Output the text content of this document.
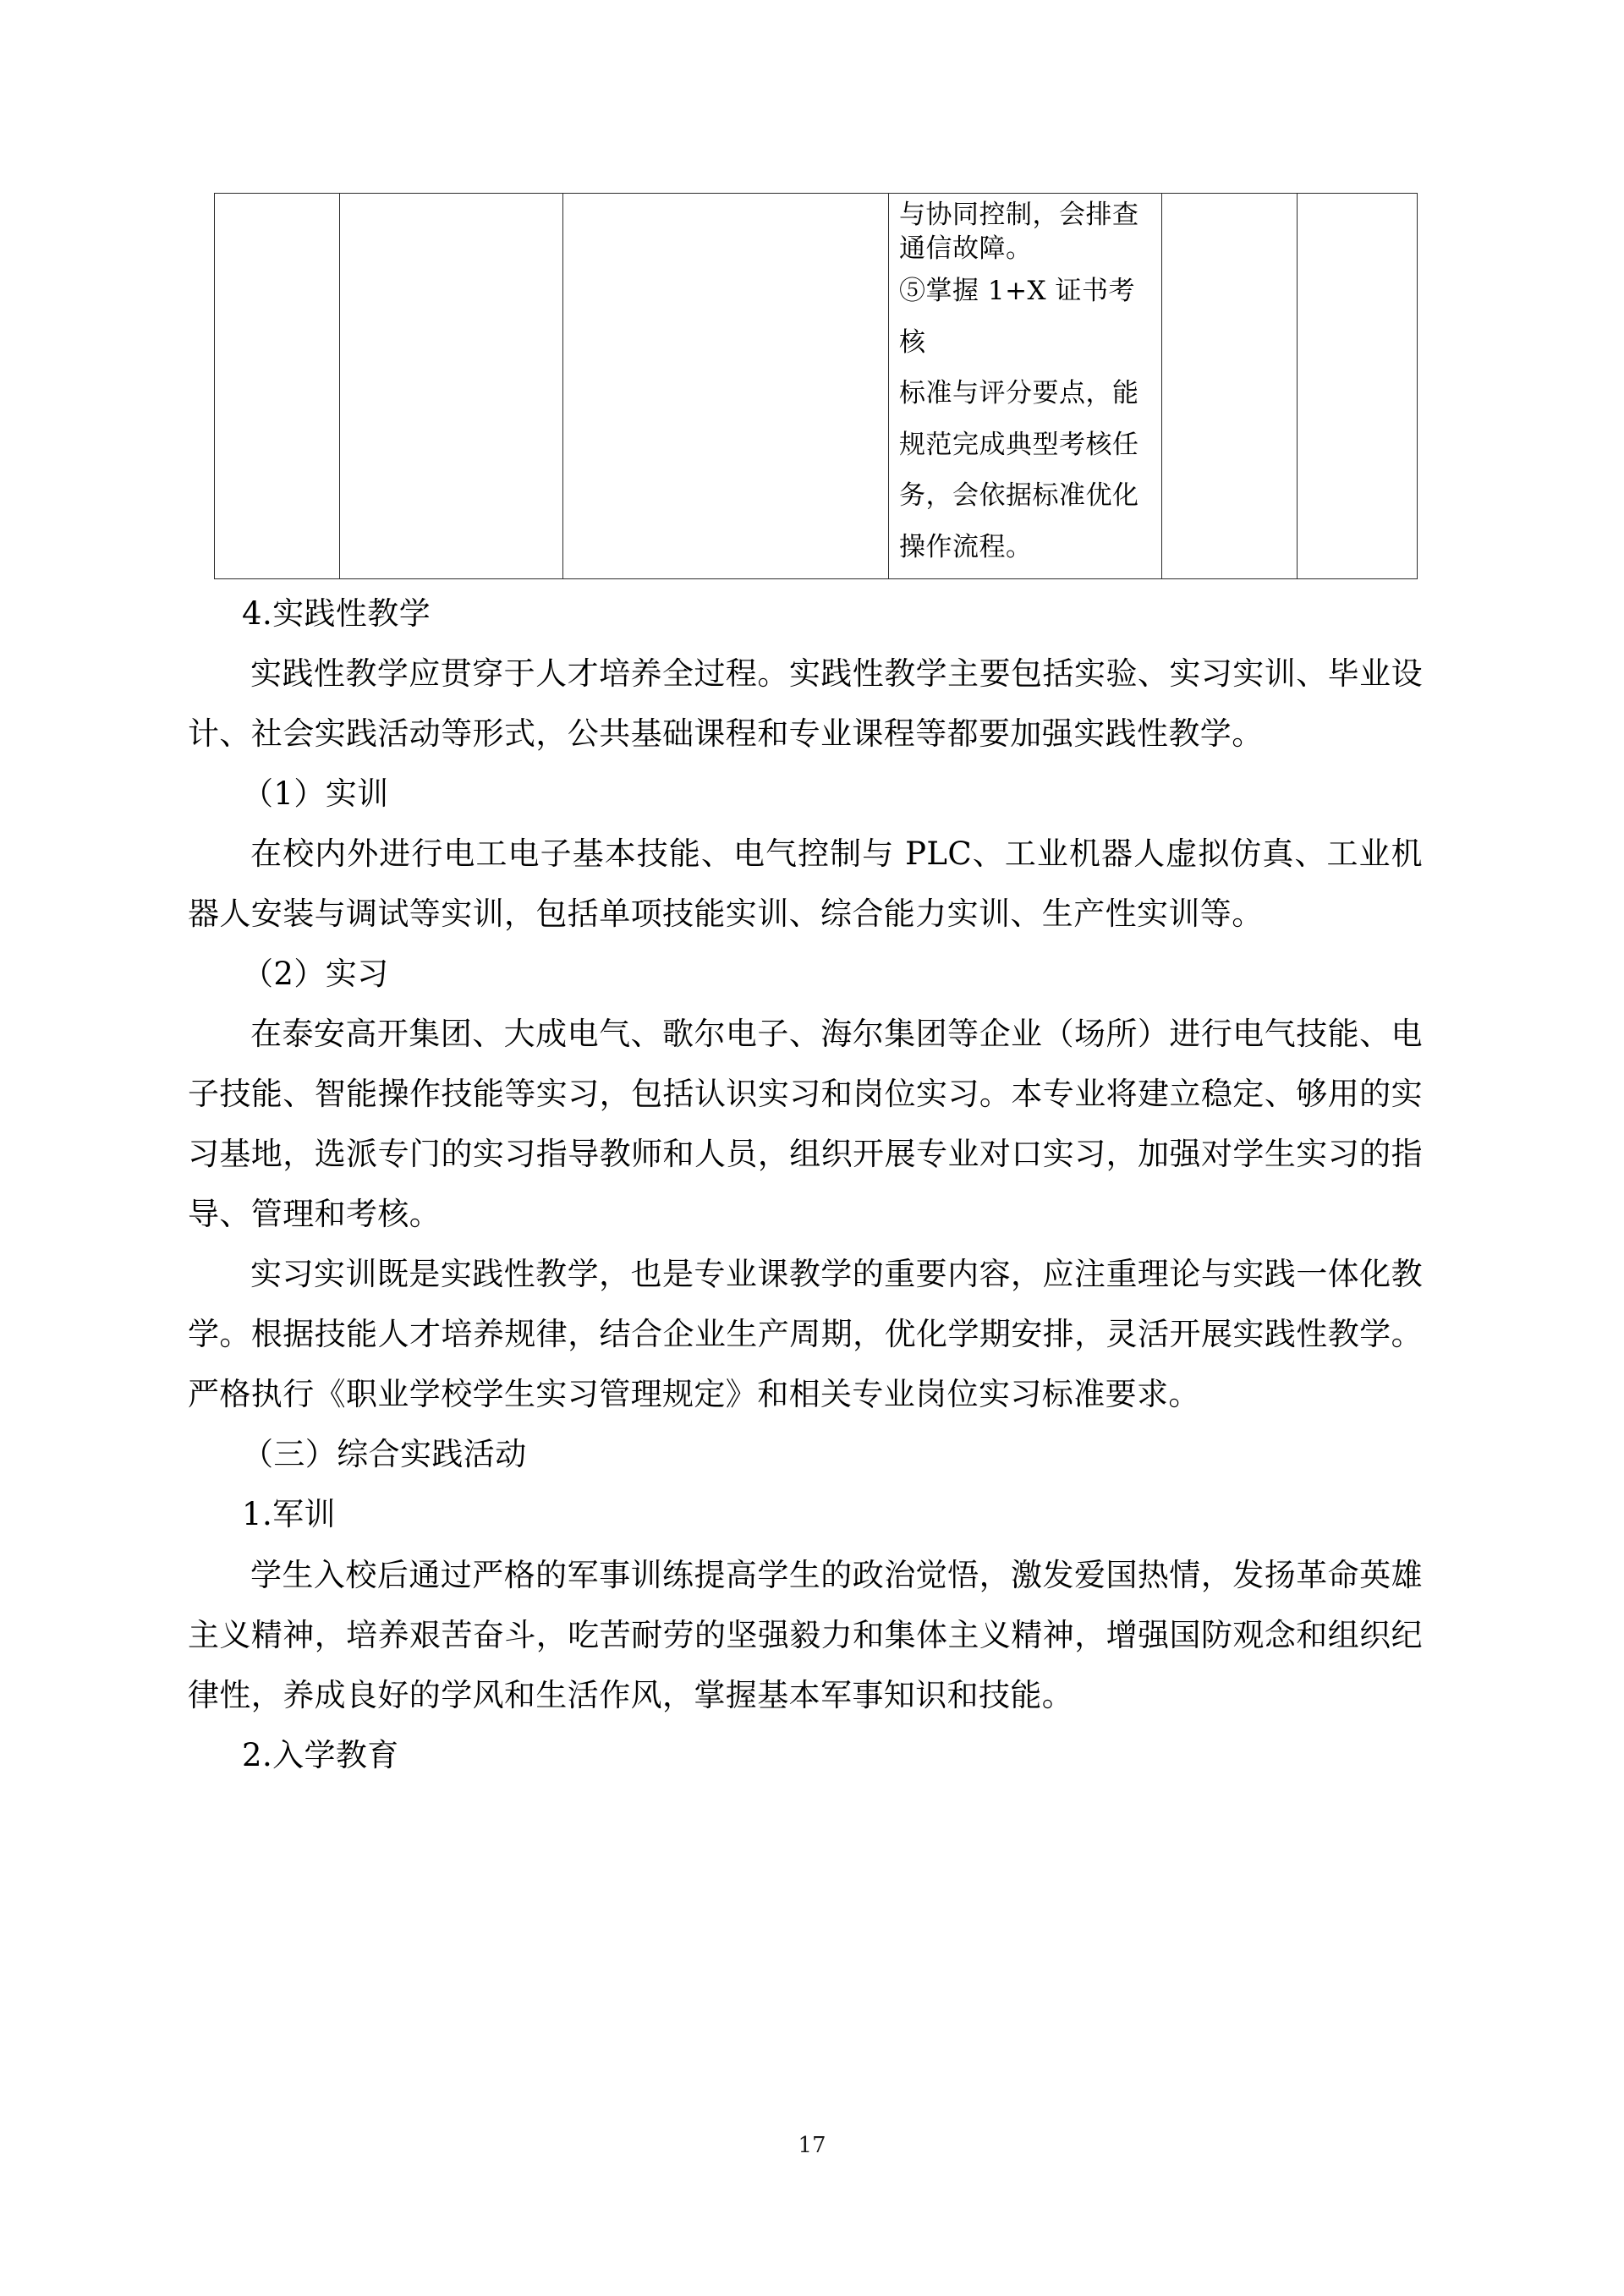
与协同控制，会排查

通信故障。

⑤掌握 1+X 证书考核

标准与评分要点，能

规范完成典型考核任

务，会依据标准优化

操作流程。

4.实践性教学

实践性教学应贯穿于人才培养全过程。实践性教学主要包括实验、实习实训、毕业设计、社会实践活动等形式，公共基础课程和专业课程等都要加强实践性教学。

（1）实训

在校内外进行电工电子基本技能、电气控制与 PLC、工业机器人虚拟仿真、工业机器人安装与调试等实训，包括单项技能实训、综合能力实训、生产性实训等。

（2）实习

在泰安高开集团、大成电气、歌尔电子、海尔集团等企业（场所）进行电气技能、电子技能、智能操作技能等实习，包括认识实习和岗位实习。本专业将建立稳定、够用的实习基地，选派专门的实习指导教师和人员，组织开展专业对口实习，加强对学生实习的指导、管理和考核。

实习实训既是实践性教学，也是专业课教学的重要内容，应注重理论与实践一体化教学。根据技能人才培养规律，结合企业生产周期，优化学期安排，灵活开展实践性教学。严格执行《职业学校学生实习管理规定》和相关专业岗位实习标准要求。

（三）综合实践活动

1.军训

学生入校后通过严格的军事训练提高学生的政治觉悟，激发爱国热情，发扬革命英雄主义精神，培养艰苦奋斗，吃苦耐劳的坚强毅力和集体主义精神，增强国防观念和组织纪律性，养成良好的学风和生活作风，掌握基本军事知识和技能。

2.入学教育

17
